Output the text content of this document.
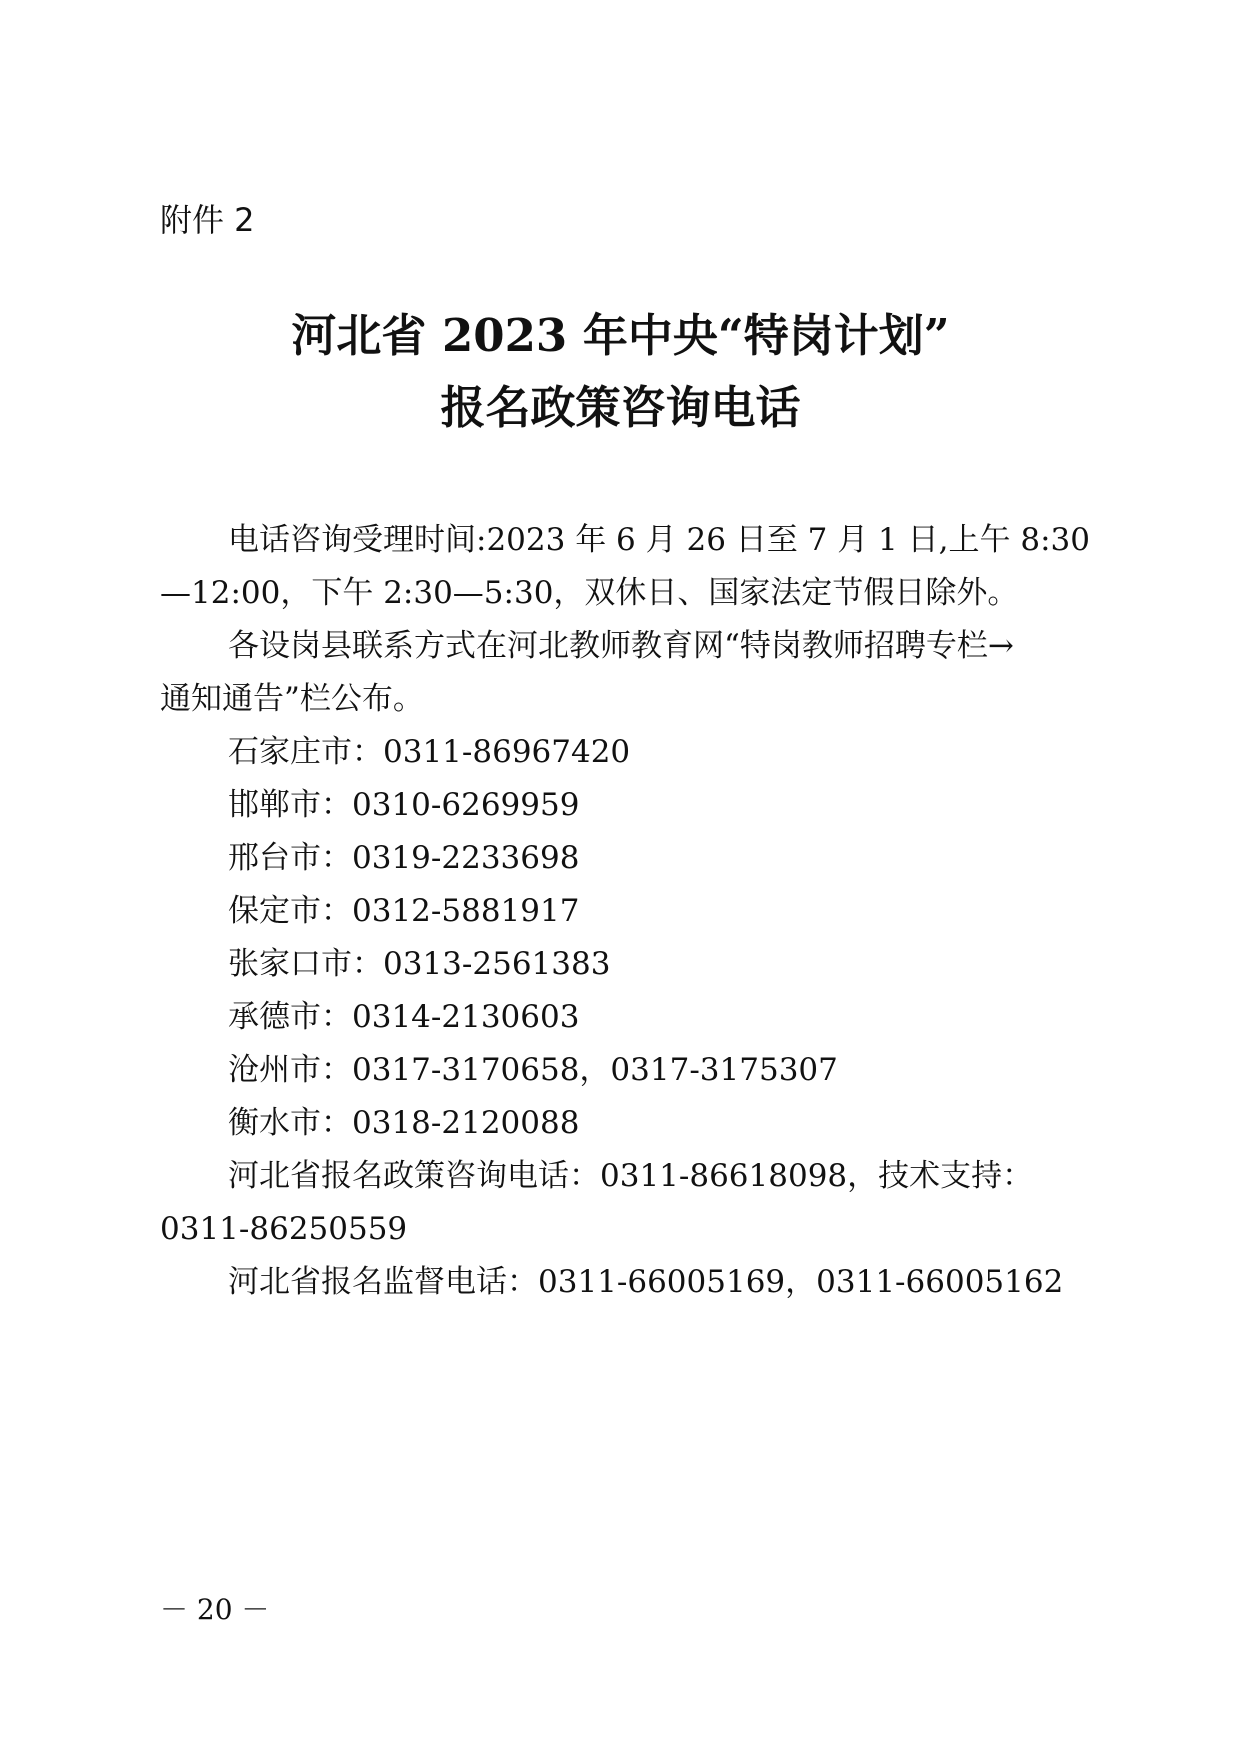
附件 2
河北省 2023 年中央“特岗计划”
报名政策咨询电话
电话咨询受理时间:2023 年 6 月 26 日至 7 月 1 日,上午 8:30
—12:00，下午 2:30—5:30，双休日、国家法定节假日除外。
各设岗县联系方式在河北教师教育网“特岗教师招聘专栏→
通知通告”栏公布。
石家庄市：0311-86967420
邯郸市：0310-6269959
邢台市：0319-2233698
保定市：0312-5881917
张家口市：0313-2561383
承德市：0314-2130603
沧州市：0317-3170658，0317-3175307
衡水市：0318-2120088
河北省报名政策咨询电话：0311-86618098，技术支持：
0311-86250559
河北省报名监督电话：0311-66005169，0311-66005162
－ 20 －
